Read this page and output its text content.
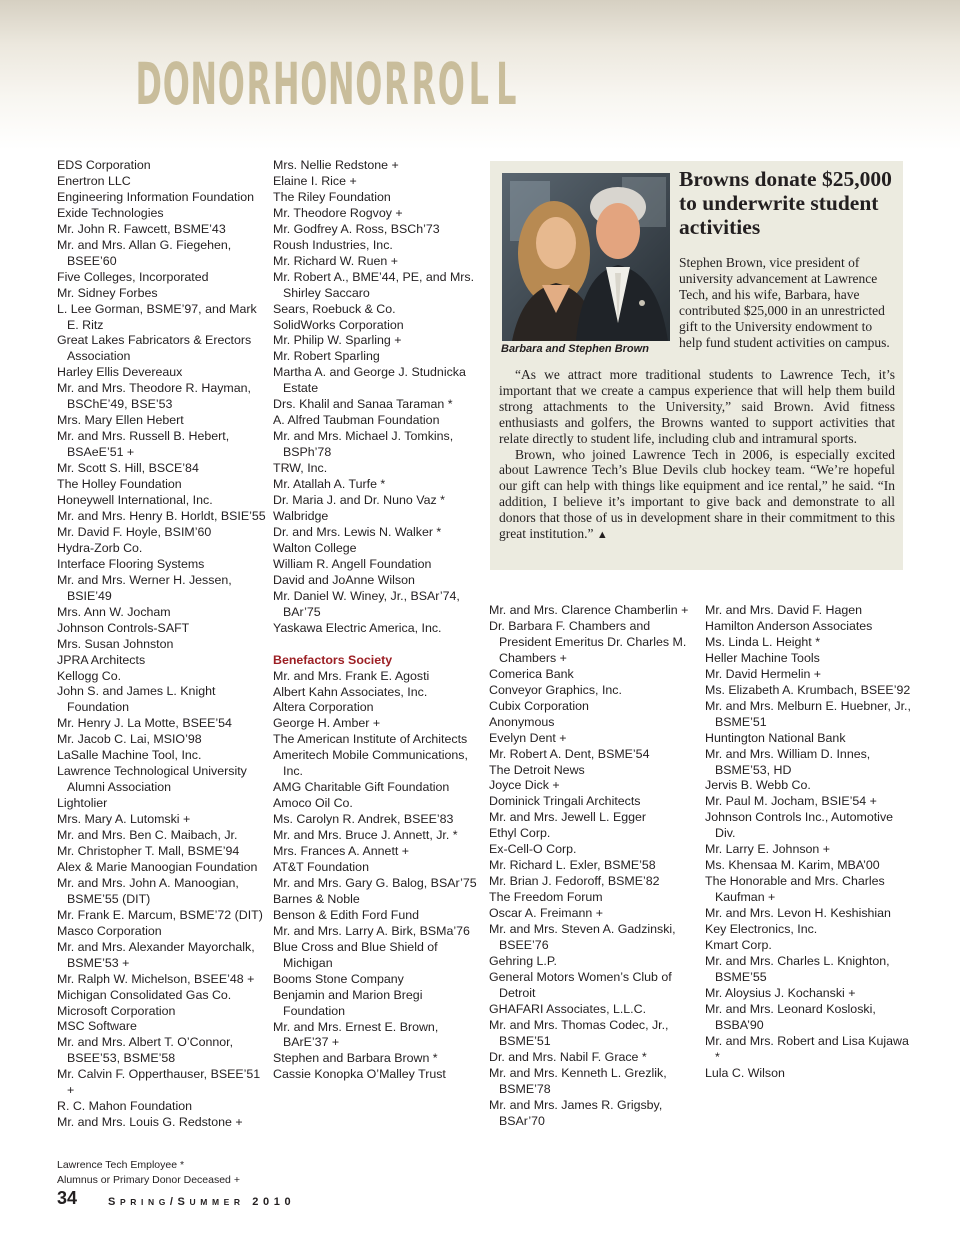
D O N O R H O N O R R O L L
EDS Corporation
Enertron LLC
Engineering Information Foundation
Exide Technologies
Mr. John R. Fawcett, BSME’43
Mr. and Mrs. Allan G. Fiegehen, BSEE’60
Five Colleges, Incorporated
Mr. Sidney Forbes
L. Lee Gorman, BSME’97, and Mark E. Ritz
Great Lakes Fabricators & Erectors Association
Harley Ellis Devereaux
Mr. and Mrs. Theodore R. Hayman, BSChE’49, BSE’53
Mrs. Mary Ellen Hebert
Mr. and Mrs. Russell B. Hebert, BSAeE’51 +
Mr. Scott S. Hill, BSCE’84
The Holley Foundation
Honeywell International, Inc.
Mr. and Mrs. Henry B. Horldt, BSIE’55
Mr. David F. Hoyle, BSIM’60
Hydra-Zorb Co.
Interface Flooring Systems
Mr. and Mrs. Werner H. Jessen, BSIE’49
Mrs. Ann W. Jocham
Johnson Controls-SAFT
Mrs. Susan Johnston
JPRA Architects
Kellogg Co.
John S. and James L. Knight Foundation
Mr. Henry J. La Motte, BSEE’54
Mr. Jacob C. Lai, MSIO’98
LaSalle Machine Tool, Inc.
Lawrence Technological University Alumni Association
Lightolier
Mrs. Mary A. Lutomski +
Mr. and Mrs. Ben C. Maibach, Jr.
Mr. Christopher T. Mall, BSME’94
Alex & Marie Manoogian Foundation
Mr. and Mrs. John A. Manoogian, BSME’55 (DIT)
Mr. Frank E. Marcum, BSME’72 (DIT)
Masco Corporation
Mr. and Mrs. Alexander Mayorchalk, BSME’53 +
Mr. Ralph W. Michelson, BSEE’48 +
Michigan Consolidated Gas Co.
Microsoft Corporation
MSC Software
Mr. and Mrs. Albert T. O’Connor, BSEE’53, BSME’58
Mr. Calvin F. Opperthauser, BSEE’51 +
R. C. Mahon Foundation
Mr. and Mrs. Louis G. Redstone +
Mrs. Nellie Redstone +
Elaine I. Rice +
The Riley Foundation
Mr. Theodore Rogvoy +
Mr. Godfrey A. Ross, BSCh’73
Roush Industries, Inc.
Mr. Richard W. Ruen +
Mr. Robert A., BME’44, PE, and Mrs. Shirley Saccaro
Sears, Roebuck & Co.
SolidWorks Corporation
Mr. Philip W. Sparling +
Mr. Robert Sparling
Martha A. and George J. Studnicka Estate
Drs. Khalil and Sanaa Taraman *
A. Alfred Taubman Foundation
Mr. and Mrs. Michael J. Tomkins, BSPh’78
TRW, Inc.
Mr. Atallah A. Turfe *
Dr. Maria J. and Dr. Nuno Vaz *
Walbridge
Dr. and Mrs. Lewis N. Walker *
Walton College
William R. Angell Foundation
David and JoAnne Wilson
Mr. Daniel W. Winey, Jr., BSAr’74, BAr’75
Yaskawa Electric America, Inc.
Benefactors Society
Mr. and Mrs. Frank E. Agosti
Albert Kahn Associates, Inc.
Altera Corporation
George H. Amber +
The American Institute of Architects
Ameritech Mobile Communications, Inc.
AMG Charitable Gift Foundation
Amoco Oil Co.
Ms. Carolyn R. Andrek, BSEE’83
Mr. and Mrs. Bruce J. Annett, Jr. *
Mrs. Frances A. Annett +
AT&T Foundation
Mr. and Mrs. Gary G. Balog, BSAr’75
Barnes & Noble
Benson & Edith Ford Fund
Mr. and Mrs. Larry A. Birk, BSMa’76
Blue Cross and Blue Shield of Michigan
Booms Stone Company
Benjamin and Marion Bregi Foundation
Mr. and Mrs. Ernest E. Brown, BArE’37 +
Stephen and Barbara Brown *
Cassie Konopka O’Malley Trust
Mr. and Mrs. Clarence Chamberlin +
Dr. Barbara F. Chambers and President Emeritus Dr. Charles M. Chambers +
Comerica Bank
Conveyor Graphics, Inc.
Cubix Corporation
Anonymous
Evelyn Dent +
Mr. Robert A. Dent, BSME’54
The Detroit News
Joyce Dick +
Dominick Tringali Architects
Mr. and Mrs. Jewell L. Egger
Ethyl Corp.
Ex-Cell-O Corp.
Mr. Richard L. Exler, BSME’58
Mr. Brian J. Fedoroff, BSME’82
The Freedom Forum
Oscar A. Freimann +
Mr. and Mrs. Steven A. Gadzinski, BSEE’76
Gehring L.P.
General Motors Women’s Club of Detroit
GHAFARI Associates, L.L.C.
Mr. and Mrs. Thomas Codec, Jr., BSME’51
Dr. and Mrs. Nabil F. Grace *
Mr. and Mrs. Kenneth L. Grezlik, BSME’78
Mr. and Mrs. James R. Grigsby, BSAr’70
Mr. and Mrs. David F. Hagen
Hamilton Anderson Associates
Ms. Linda L. Height *
Heller Machine Tools
Mr. David Hermelin +
Ms. Elizabeth A. Krumbach, BSEE’92
Mr. and Mrs. Melburn E. Huebner, Jr., BSME’51
Huntington National Bank
Mr. and Mrs. William D. Innes, BSME’53, HD
Jervis B. Webb Co.
Mr. Paul M. Jocham, BSIE’54 +
Johnson Controls Inc., Automotive Div.
Mr. Larry E. Johnson +
Ms. Khensaa M. Karim, MBA’00
The Honorable and Mrs. Charles Kaufman +
Mr. and Mrs. Levon H. Keshishian
Key Electronics, Inc.
Kmart Corp.
Mr. and Mrs. Charles L. Knighton, BSME’55
Mr. Aloysius J. Kochanski +
Mr. and Mrs. Leonard Kosloski, BSBA’90
Mr. and Mrs. Robert and Lisa Kujawa *
Lula C. Wilson
Barbara and Stephen Brown
Browns donate $25,000 to underwrite student activities
Stephen Brown, vice president of university advancement at Lawrence Tech, and his wife, Barbara, have contributed $25,000 in an unrestricted gift to the University endowment to help fund student activities on campus.

“As we attract more traditional students to Lawrence Tech, it’s important that we create a campus experience that will help them build strong attachments to the University,” said Brown. Avid fitness enthusiasts and golfers, the Browns wanted to support activities that relate directly to student life, including club and intramural sports.

Brown, who joined Lawrence Tech in 2006, is especially excited about Lawrence Tech’s Blue Devils club hockey team. “We’re hopeful our gift can help with things like equipment and ice rental,” he said. “In addition, I believe it’s important to give back and demonstrate to all donors that those of us in development share in their commitment to this great institution.” ▲

Lawrence Tech Employee *
Alumnus or Primary Donor Deceased +
34	SPRING/SUMMER 2010
